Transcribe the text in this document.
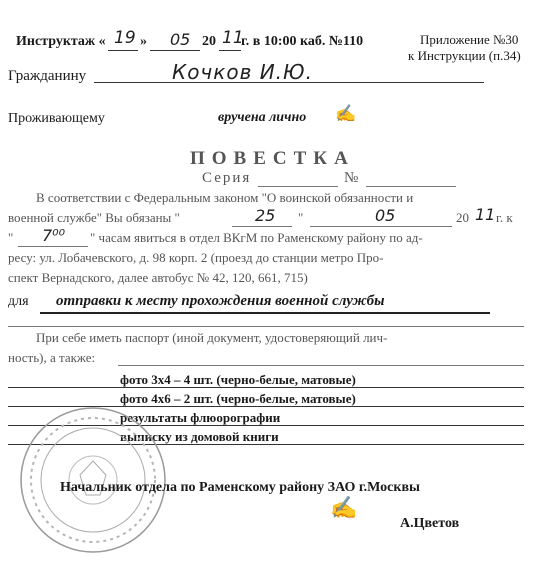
Инструктаж « 19 » 05 20 11
г. в 10:00 каб. №110	Приложение №30
к Инструкции (п.34)
Гражданину	Кочков И.Ю.
Проживающему	вручена лично ✍
ПОВЕСТКА
Серия	№
В соответствии с Федеральным законом "О воинской обязанности и
военной службе" Вы обязаны "	25 "	05	20 11 г. к
" 7⁰⁰ " часам явиться в отдел ВКгМ по Раменскому району по ад-
ресу: ул. Лобачевского, д. 98 корп. 2 (проезд до станции метро Про-
спект Вернадского, далее автобус № 42, 120, 661, 715)
для отправки к месту прохождения военной службы
При себе иметь паспорт (иной документ, удостоверяющий лич-
ность), а также:
фото 3х4 – 4 шт. (черно-белые, матовые)
фото 4х6 – 2 шт. (черно-белые, матовые)
результаты флюорографии
выписку из домовой книги
Начальник отдела по Раменскому району ЗАО г.Москвы
✍
А.Цветов
